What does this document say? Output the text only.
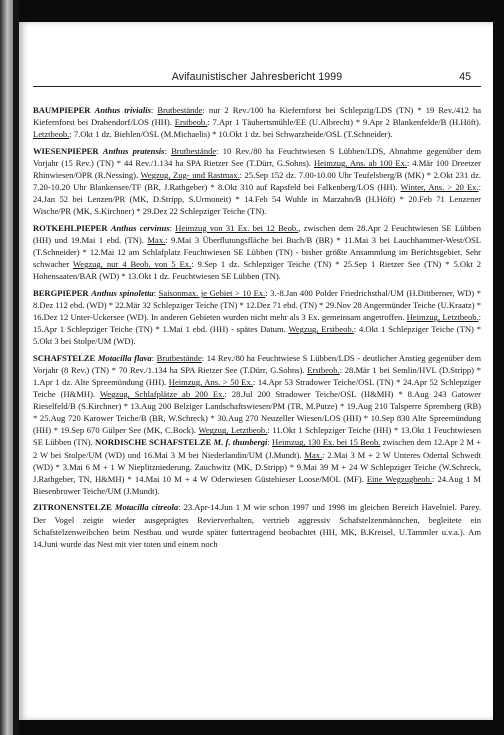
Avifaunistischer Jahresbericht 1999	45

BAUMPIEPER Anthus trivialis: Brutbestände: nur 2 Rev./100 ha Kiefernforst bei Schlepzig/LDS (TN) * 19 Rev./412 ha Kiefernforst bei Drahendorf/LOS (HH). Erstbeob.: 7.Apr 1 Täubertsmühle/EE (U.Albrecht) * 9.Apr 2 Blankenfelde/B (H.Höft). Letztbeob.: 7.Okt 1 dz. Biehlen/OSL (M.Michaelis) * 10.Okt 1 dz. bei Schwarzheide/OSL (T.Schneider).

WIESENPIEPER Anthus pratensis: Brutbestände: 10 Rev./80 ha Feuchtwiesen S Lübben/LDS, Abnahme gegenüber dem Vorjahr (15 Rev.) (TN) * 44 Rev./1.134 ha SPA Rietzer See (T.Dürr, G.Sohns). Heimzug, Ans. ab 100 Ex.: 4.Mär 100 Dreetzer Rhinwiesen/OPR (R.Nessing). Wegzug, Zug- und Rastmax.: 25.Sep 152 dz. 7.00-10.00 Uhr Teufelsberg/B (MK) * 2.Okt 231 dz. 7.20-10.20 Uhr Blankensee/TF (BR, J.Rathgeber) * 8.Okt 310 auf Rapsfeld bei Falkenberg/LOS (HH). Winter, Ans. > 20 Ex.: 24.Jan 52 bei Lenzen/PR (MK, D.Stripp, S.Urmoneit) * 14.Feb 54 Wuhle in Marzahn/B (H.Höft) * 20.Feb 71 Lenzener Wische/PR (MK, S.Kirchner) * 29.Dez 22 Schlepziger Teiche (TN).

ROTKEHLPIEPER Anthus cervinus: Heimzug von 31 Ex. bei 12 Beob., zwischen dem 28.Apr 2 Feuchtwiesen SE Lübben (HH) und 19.Mai 1 ebd. (TN). Max.: 9.Mai 3 Überflutungsfläche bei Buch/B (BR) * 11.Mai 3 bei Lauchhammer-West/OSL (T.Schneider) * 12.Mai 12 am Schlafplatz Feuchtwiesen SE Lübben (TN) - bisher größte Ansammlung im Berichtsgebiet. Sehr schwacher Wegzug, nur 4 Beob. von 5 Ex.: 9.Sep 1 dz. Schlepziger Teiche (TN) * 25.Sep 1 Rietzer See (TN) * 5.Okt 2 Hohensaaten/BAR (WD) * 13.Okt 1 dz. Feuchtwiesen SE Lübben (TN).

BERGPIEPER Anthus spinoletta: Saisonmax. je Gebiet > 10 Ex.: 3.-8.Jan 400 Polder Friedrichsthal/UM (H.Dittberner, WD) * 8.Dez 112 ebd. (WD) * 22.Mär 32 Schlepziger Teiche (TN) * 12.Dez 71 ebd. (TN) * 29.Nov 28 Angermünder Teiche (U.Kraatz) * 16.Dez 12 Unter-Uckersee (WD). In anderen Gebieten wurden nicht mehr als 3 Ex. gemeinsam angetroffen. Heimzug, Letztbeob.: 15.Apr 1 Schlepziger Teiche (TN) * 1.Mai 1 ebd. (HH) - spätes Datum. Wegzug, Erstbeob.: 4.Okt 1 Schlepziger Teiche (TN) * 5.Okt 3 bei Stolpe/UM (WD).

SCHAFSTELZE Motacilla flava: Brutbestände: 14 Rev./80 ha Feuchtwiese S Lübben/LDS - deutlicher Anstieg gegenüber dem Vorjahr (8 Rev.) (TN) * 70 Rev./1.134 ha SPA Rietzer See (T.Dürr, G.Sohns). Erstbeob.: 28.Mär 1 bei Semlin/HVL (D.Stripp) * 1.Apr 1 dz. Alte Spreemündung (HH). Heimzug, Ans. > 50 Ex.: 14.Apr 53 Stradower Teiche/OSL (TN) * 24.Apr 52 Schlepziger Teiche (H&MH). Wegzug, Schlafplätze ab 200 Ex.: 28.Jul 200 Stradower Teiche/OSL (H&MH) * 8.Aug 243 Gatower Rieselfeld/B (S.Kirchner) * 13.Aug 200 Belziger Landschaftswiesen/PM (TR, M.Putze) * 19.Aug 210 Talsperre Spremberg (RB) * 25.Aug 720 Karower Teiche/B (BR, W.Schreck) * 30.Aug 270 Neuzeller Wiesen/LOS (HH) * 10.Sep 830 Alte Spreemündung (HH) * 19.Sep 670 Gülper See (MK, C.Bock). Wegzug, Letztbeob.: 11.Okt 1 Schlepziger Teiche (HH) * 13.Okt 1 Feuchtwiesen SE Lübben (TN). NORDISCHE SCHAFSTELZE M. f. thunbergi: Heimzug, 130 Ex. bei 15 Beob. zwischen dem 12.Apr 2 M + 2 W bei Stolpe/UM (WD) und 16.Mai 3 M bei Niederlandin/UM (J.Mundt). Max.: 2.Mai 3 M + 2 W Unteres Odertal Schwedt (WD) * 3.Mai 6 M + 1 W Nieplitzniederung. Zauchwitz (MK, D.Stripp) * 9.Mai 39 M + 24 W Schlepziger Teiche (W.Schreck, J.Rathgeber, TN, H&MH) * 14.Mai 10 M + 4 W Oderwiesen Güstebieser Loose/MOL (MF). Eine Wegzugbeob.: 24.Aug 1 M Biesenbrower Teiche/UM (J.Mundt).

ZITRONENSTELZE Motacilla citreola: 23.Apr-14.Jun 1 M wie schon 1997 und 1998 im gleichen Bereich Havelniel. Parey. Der Vogel zeigte wieder ausgeprägtes Revierverhalten, vertrieb aggressiv Schafstelzenmännchen, begleitete ein Schafstelzenweibchen beim Nestbau und wurde später futtertragend beobachtet (HH, MK, B.Kreisel, U.Tammler u.v.a.). Am 14.Juni wurde das Nest mit vier toten und einem noch
